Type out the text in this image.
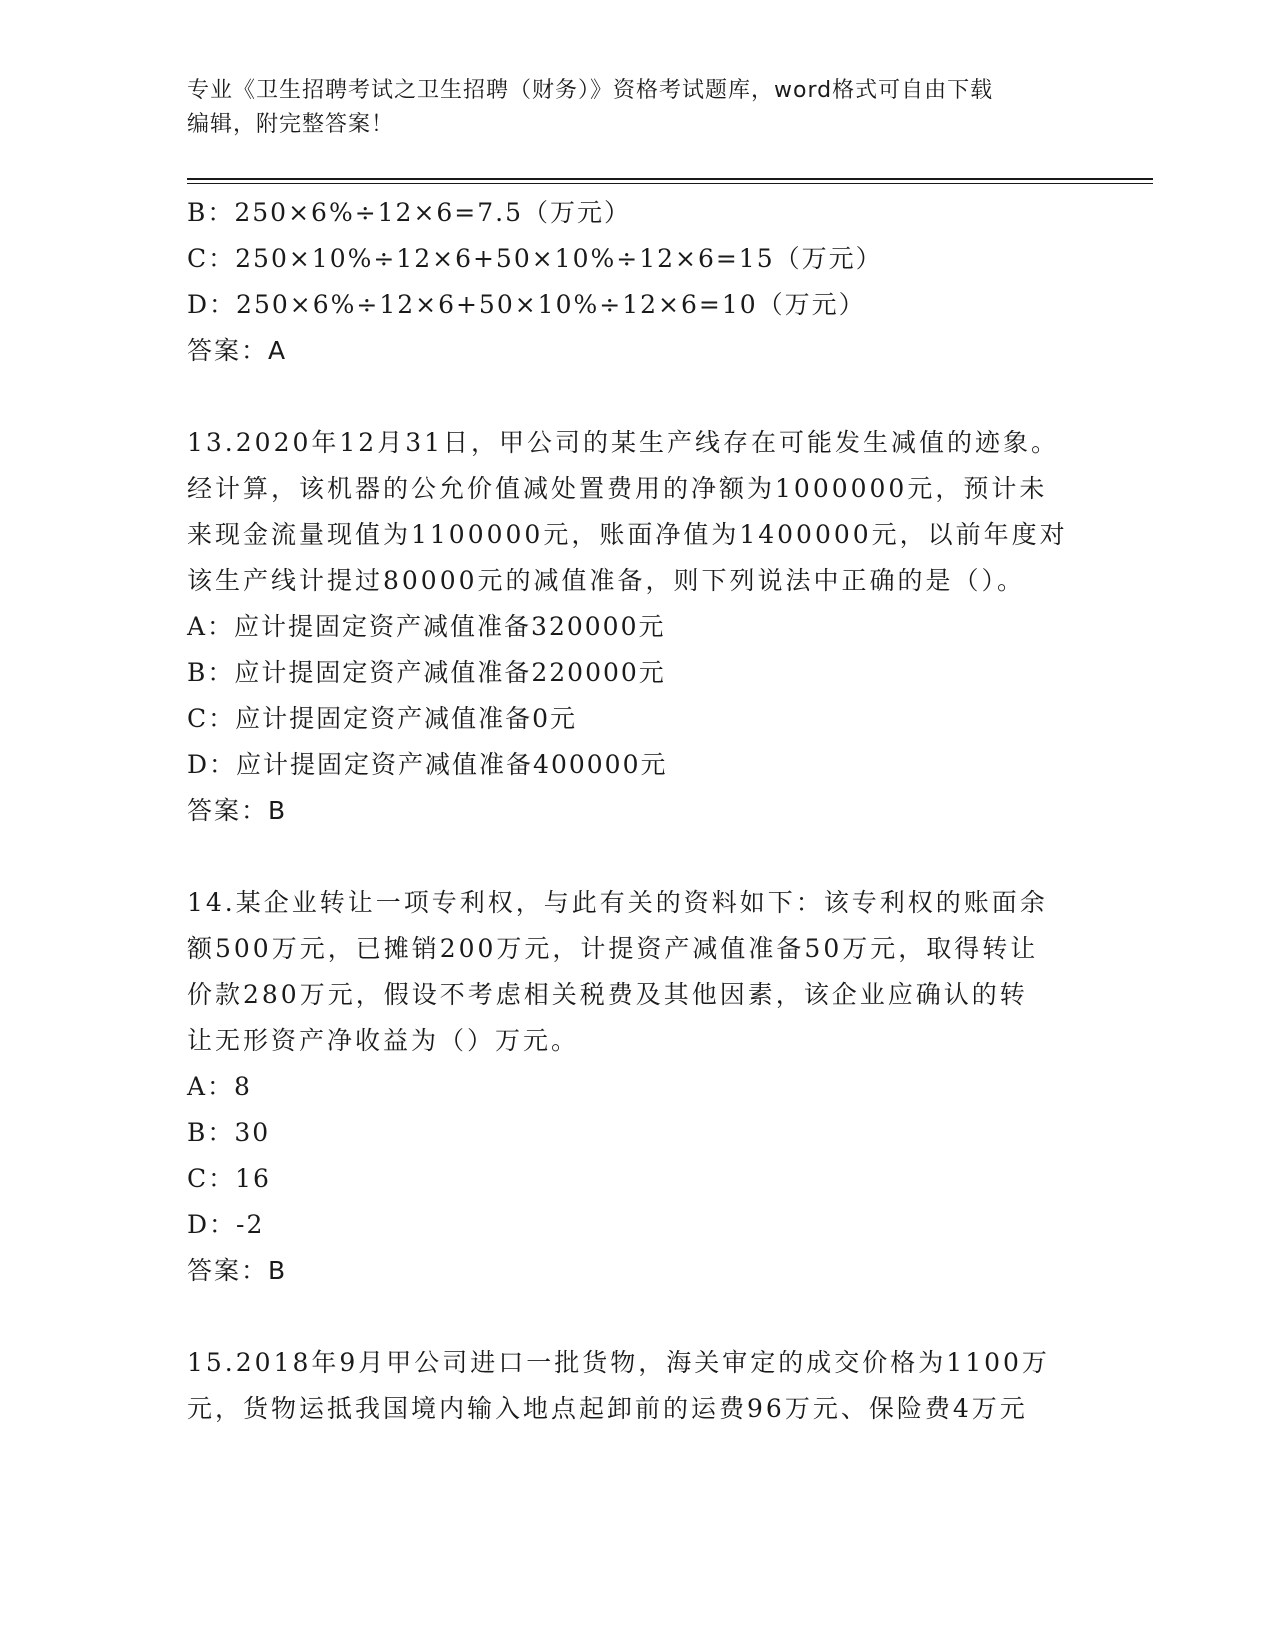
专业《卫生招聘考试之卫生招聘（财务）》资格考试题库，word格式可自由下载
编辑，附完整答案！
B：250×6%÷12×6=7.5（万元）
C：250×10%÷12×6+50×10%÷12×6=15（万元）
D：250×6%÷12×6+50×10%÷12×6=10（万元）
答案：A
13.2020年12月31日，甲公司的某生产线存在可能发生减值的迹象。
经计算，该机器的公允价值减处置费用的净额为1000000元，预计未
来现金流量现值为1100000元，账面净值为1400000元，以前年度对
该生产线计提过80000元的减值准备，则下列说法中正确的是（）。
A：应计提固定资产减值准备320000元
B：应计提固定资产减值准备220000元
C：应计提固定资产减值准备0元
D：应计提固定资产减值准备400000元
答案：B
14.某企业转让一项专利权，与此有关的资料如下：该专利权的账面余
额500万元，已摊销200万元，计提资产减值准备50万元，取得转让
价款280万元，假设不考虑相关税费及其他因素，该企业应确认的转
让无形资产净收益为（）万元。
A：8
B：30
C：16
D：-2
答案：B
15.2018年9月甲公司进口一批货物，海关审定的成交价格为1100万
元，货物运抵我国境内输入地点起卸前的运费96万元、保险费4万元
